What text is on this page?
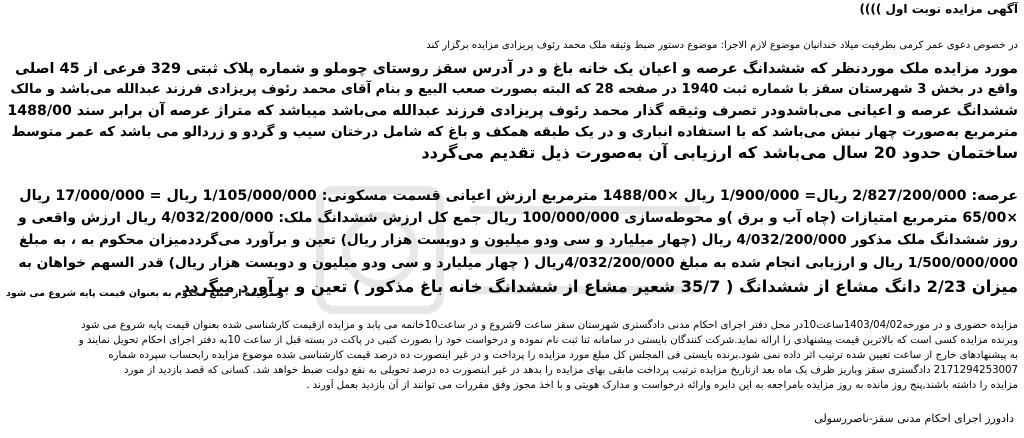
آگهی مزایده نوبت اول ))))
در خصوص دعوی عمر کرمی بطرفیت میلاد خندانیان موضوع لازم الاجرا: موضوع دستور ضبط وثیقه ملک محمد رئوف پریزادی مزایده برگزار کند
مورد مزایده ملک موردنظر که ششدانگ عرصه و اعیان یک خانه باغ و در آدرس سقز روستای چوملو و شماره پلاک ثبتی 329 فرعی از 45 اصلی
واقع در بخش 3 شهرستان سقز با شماره ثبت 1940 در صفحه 28 که البته بصورت صعب البیع و بنام آقای محمد رئوف پریزادی فرزند عبدالله می‌باشد و مالک
ششدانگ عرصه و اعیانی می‌باشدودر تصرف وثیقه گذار محمد رئوف پریزادی فرزند عبدالله می‌باشد میباشد که متراژ عرصه آن برابر سند 1488/00
مترمربع به‌صورت چهار نبش می‌باشد که با استفاده انباری و در یک طبقه همکف و باغ که شامل درختان سیب و گردو و زردالو می باشد که عمر متوسط
ساختمان حدود 20 سال می‌باشد که ارزیابی آن به‌صورت ذیل تقدیم می‌گردد
عرصه: 2/827/200/000 ریال= 1/900/000 ریال ×1488/00 مترمربع ارزش اعیانی قسمت مسکونی: 1/105/000/000 ریال = 17/000/000 ریال
×65/00 مترمربع امتیازات (چاه آب و برق )و محوطه‌سازی 100/000/000 ریال جمع کل ارزش ششدانگ ملک: 4/032/200/000 ریال ارزش واقعی و
روز ششدانگ ملک مذکور 4/032/200/000 ریال (چهار میلیارد و سی ودو میلیون و دویست هزار ریال) تعین و برآورد می‌گرددمیزان محکوم به ، به مبلغ
1/500/000/000 ریال و ارزیابی انجام شده به مبلغ 4/032/200/000ریال ( چهار میلیارد و سی ودو میلیون و دویست هزار ریال) قدر السهم خواهان به
میزان 2/23 دانگ مشاع از ششدانگ ( 35/7 شعیر مشاع از ششدانگ خانه باغ مذکور ) تعین و برآورد میگردد
و مزایده از مبلغ محکوم به بعنوان قیمت پایه شروع می شود
مزایده حضوری و در مورخه1403/04/02ساعت10در محل دفتر اجرای احکام مدنی دادگستری شهرستان سقز ساعت 9شروع و در ساعت10خاتمه می یابد و مزایده ازقیمت کارشناسی شده بعنوان قیمت پایه شروع می شود
وبرنده مزایده کسی است که بالاترین قیمت پیشنهادی را ارائه نماید.شرکت کنندگان بایستی در سامانه ثنا ثبت نام نموده و درخواست خود را بصورت کتبی در پاکت در بسته قبل از ساعت 10به دفتر اجرای احکام تحویل نمایند و
به پیشنهادهای خارج از ساعت تعیین شده ترتیب اثر داده نمی شود.برنده بایستی فی المجلس کل مبلغ مورد مزایده را پرداخت و در غیر اینصورت ده درصد قیمت کارشناسی شده موضوع مزایده رابحساب سپرده شماره
2171294253007 دادگستری سقز وباریز ظرف یک ماه بعد ازتاریخ مزایده ترتیب پرداخت مابقی بهای مزایده را بدهد در غیر اینصورت ده درصد تحویلی به نفع دولت ضبط خواهد شد. کسانی که قصد بازدید از مورد
مزایده را داشته باشند,پنج روز مانده به روز مزایده بامراجعه به این دایره وارائه درخواست و مدارک هویتی و با اخذ مجوز وفق مقررات می توانند از آن بازدید بعمل آورند .
دادورز اجرای احکام مدنی سقز-ناصررسولی
